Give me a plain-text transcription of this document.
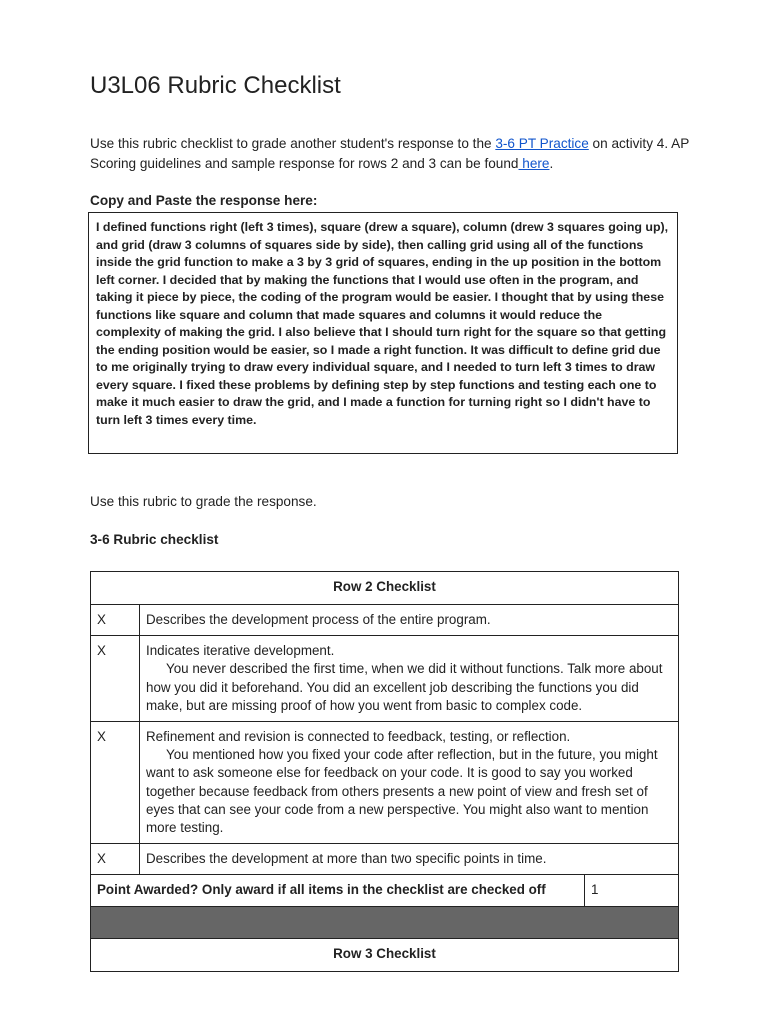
U3L06 Rubric Checklist
Use this rubric checklist to grade another student's response to the 3-6 PT Practice on activity 4. AP Scoring guidelines and sample response for rows 2 and 3 can be found here.
Copy and Paste the response here:
I defined functions right (left 3 times), square (drew a square), column (drew 3 squares going up), and grid (draw 3 columns of squares side by side), then calling grid using all of the functions inside the grid function to make a 3 by 3 grid of squares, ending in the up position in the bottom left corner. I decided that by making the functions that I would use often in the program, and taking it piece by piece, the coding of the program would be easier. I thought that by using these functions like square and column that made squares and columns it would reduce the complexity of making the grid. I also believe that I should turn right for the square so that getting the ending position would be easier, so I made a right function. It was difficult to define grid due to me originally trying to draw every individual square, and I needed to turn left 3 times to draw every square. I fixed these problems by defining step by step functions and testing each one to make it much easier to draw the grid, and I made a function for turning right so I didn't have to turn left 3 times every time.
Use this rubric to grade the response.
3-6 Rubric checklist
Row 2 Checklist		
X	Describes the development process of the entire program.	
X	Indicates iterative development.
You never described the first time, when we did it without functions. Talk more about how you did it beforehand. You did an excellent job describing the functions you did make, but are missing proof of how you went from basic to complex code.	

X	Refinement and revision is connected to feedback, testing, or reflection.
You mentioned how you fixed your code after reflection, but in the future, you might want to ask someone else for feedback on your code. It is good to say you worked together because feedback from others presents a new point of view and fresh set of eyes that can see your code from a new perspective. You might also want to mention more testing.	

X	Describes the development at more than two specific points in time.	
Point Awarded? Only award if all items in the checklist are checked off		1

Row 3 Checklist		
